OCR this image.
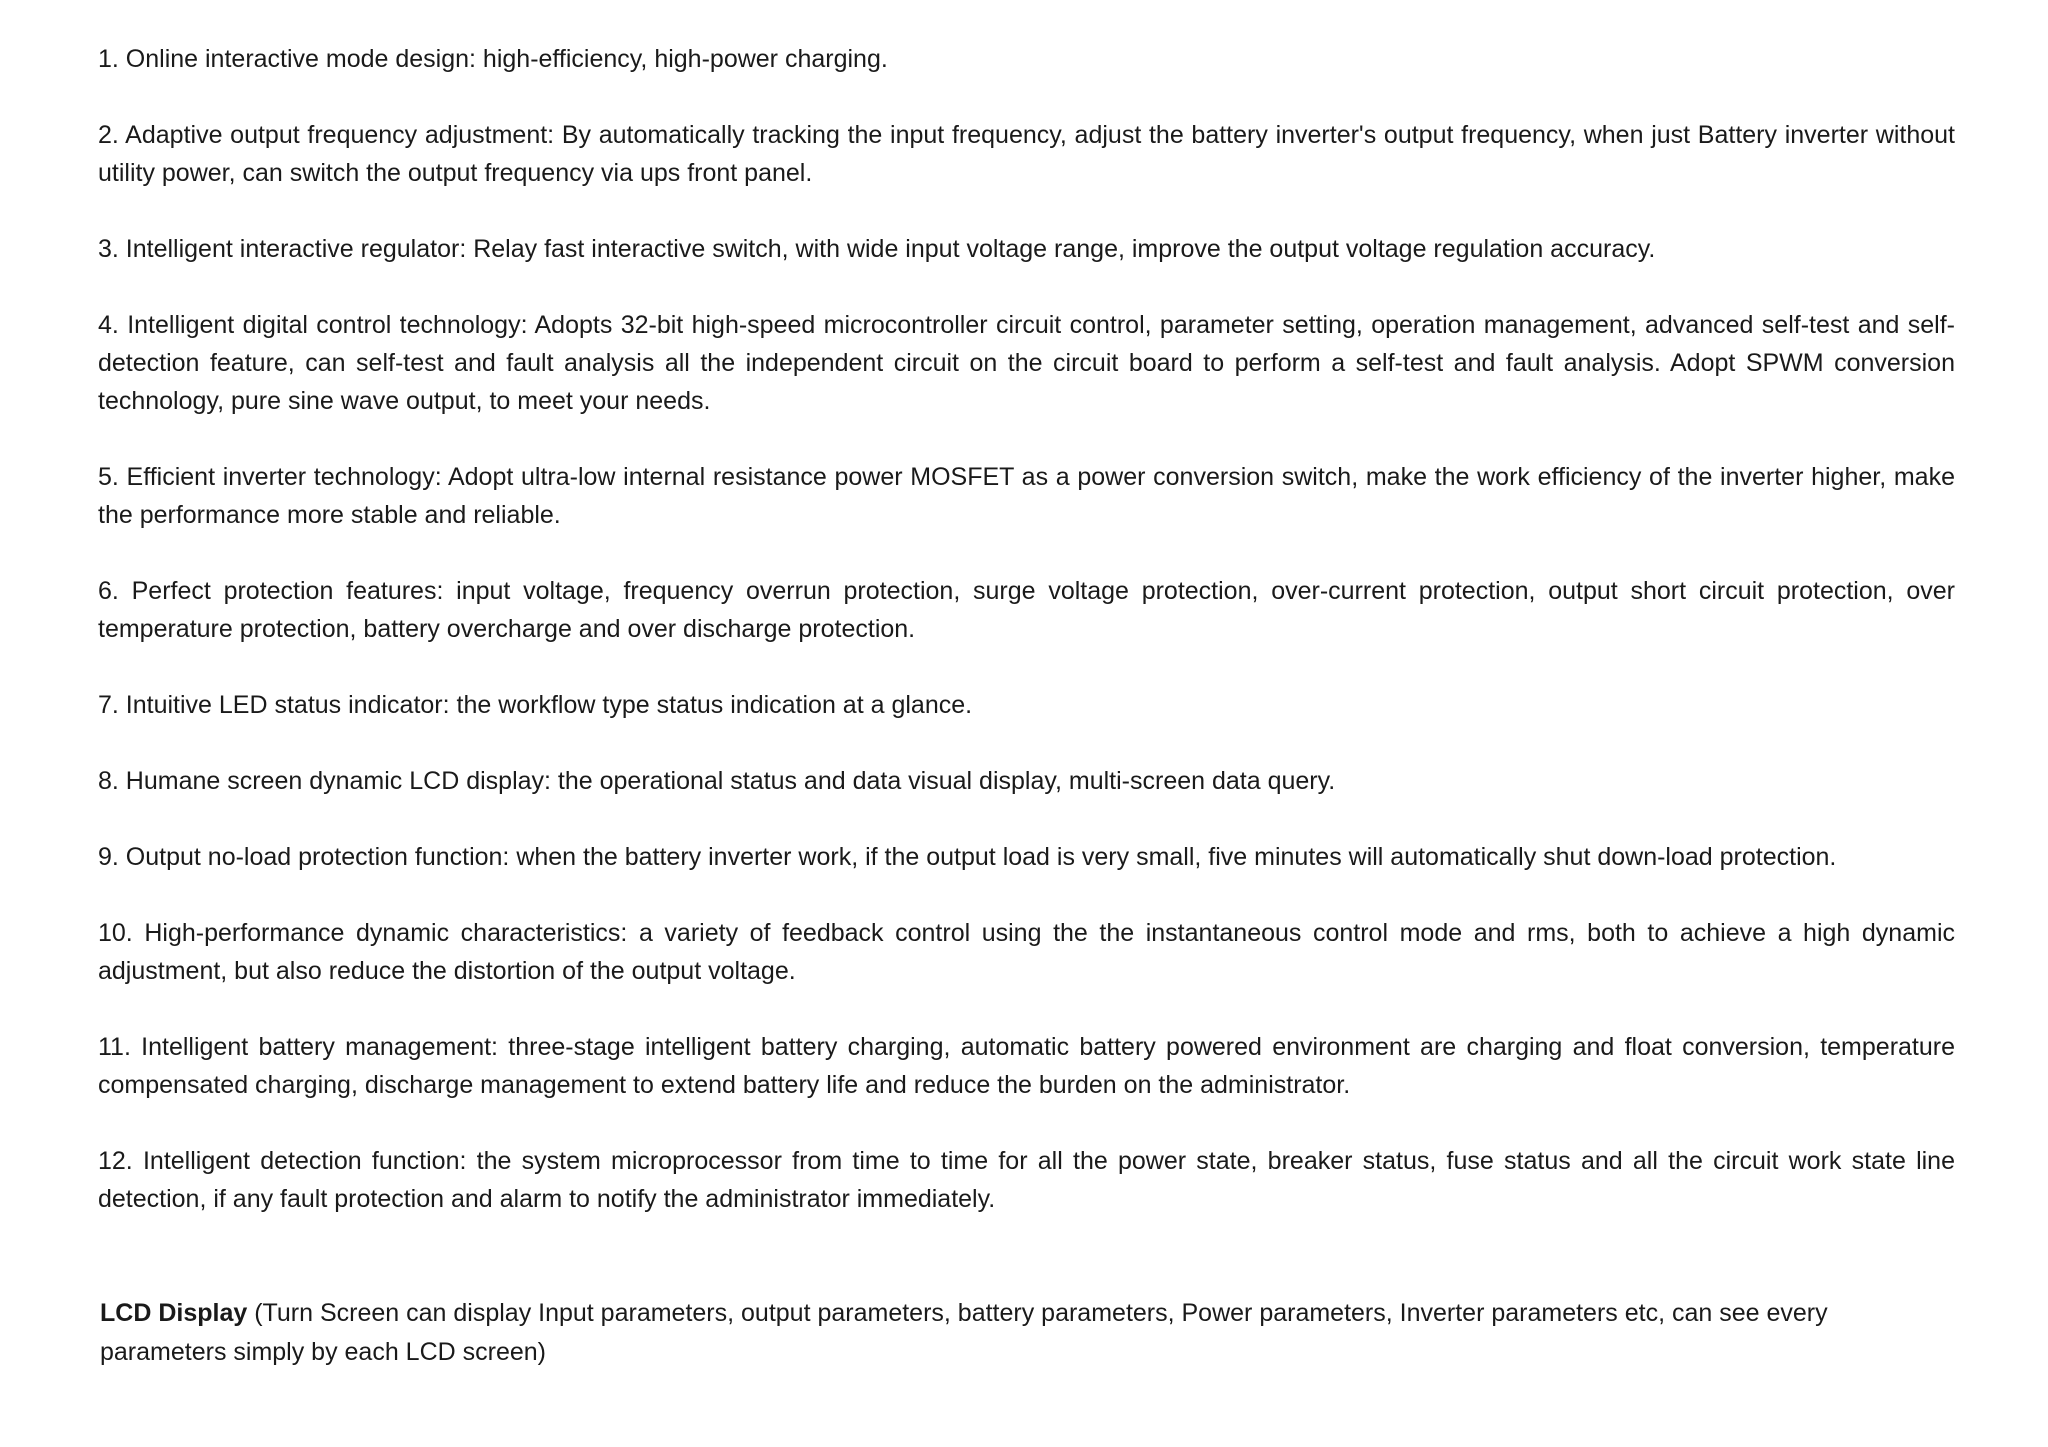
1. Online interactive mode design: high-efficiency, high-power charging.
2. Adaptive output frequency adjustment: By automatically tracking the input frequency, adjust the battery inverter's output frequency, when just Battery inverter without utility power, can switch the output frequency via ups front panel.
3. Intelligent interactive regulator: Relay fast interactive switch, with wide input voltage range, improve the output voltage regulation accuracy.
4. Intelligent digital control technology: Adopts 32-bit high-speed microcontroller circuit control, parameter setting, operation management, advanced self-test and self-detection feature, can self-test and fault analysis all the independent circuit on the circuit board to perform a self-test and fault analysis. Adopt SPWM conversion technology, pure sine wave output, to meet your needs.
5. Efficient inverter technology: Adopt ultra-low internal resistance power MOSFET as a power conversion switch, make the work efficiency of the inverter higher, make the performance more stable and reliable.
6. Perfect protection features: input voltage, frequency overrun protection, surge voltage protection, over-current protection, output short circuit protection, over temperature protection, battery overcharge and over discharge protection.
7. Intuitive LED status indicator: the workflow type status indication at a glance.
8. Humane screen dynamic LCD display: the operational status and data visual display, multi-screen data query.
9. Output no-load protection function: when the battery inverter work, if the output load is very small, five minutes will automatically shut down-load protection.
10. High-performance dynamic characteristics: a variety of feedback control using the the instantaneous control mode and rms, both to achieve a high dynamic adjustment, but also reduce the distortion of the output voltage.
11. Intelligent battery management: three-stage intelligent battery charging, automatic battery powered environment are charging and float conversion, temperature compensated charging, discharge management to extend battery life and reduce the burden on the administrator.
12. Intelligent detection function: the system microprocessor from time to time for all the power state, breaker status, fuse status and all the circuit work state line detection, if any fault protection and alarm to notify the administrator immediately.

LCD Display (Turn Screen can display Input parameters, output parameters, battery parameters, Power parameters, Inverter parameters etc, can see every parameters simply by each LCD screen)
